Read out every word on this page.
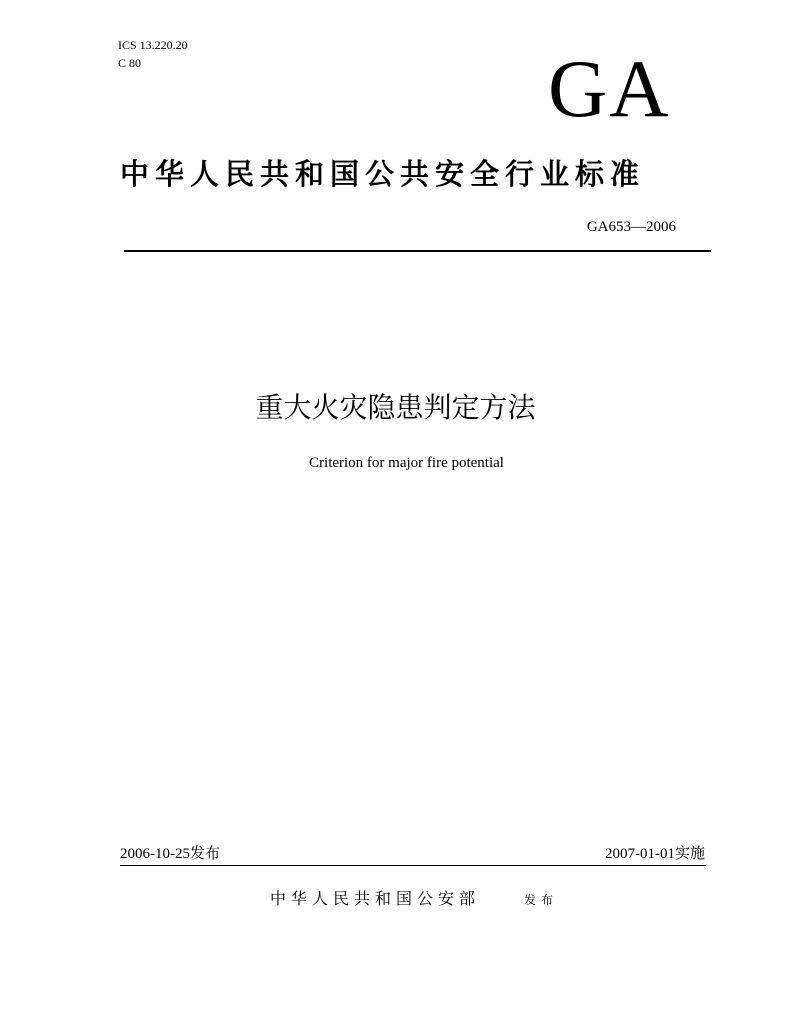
ICS 13.220.20
C 80	GA
中华人民共和国公共安全行业标准
GA653—2006
重大火灾隐患判定方法
Criterion for major fire potential
2006-10-25发布	2007-01-01实施
中华人民共和国公安部	发布
